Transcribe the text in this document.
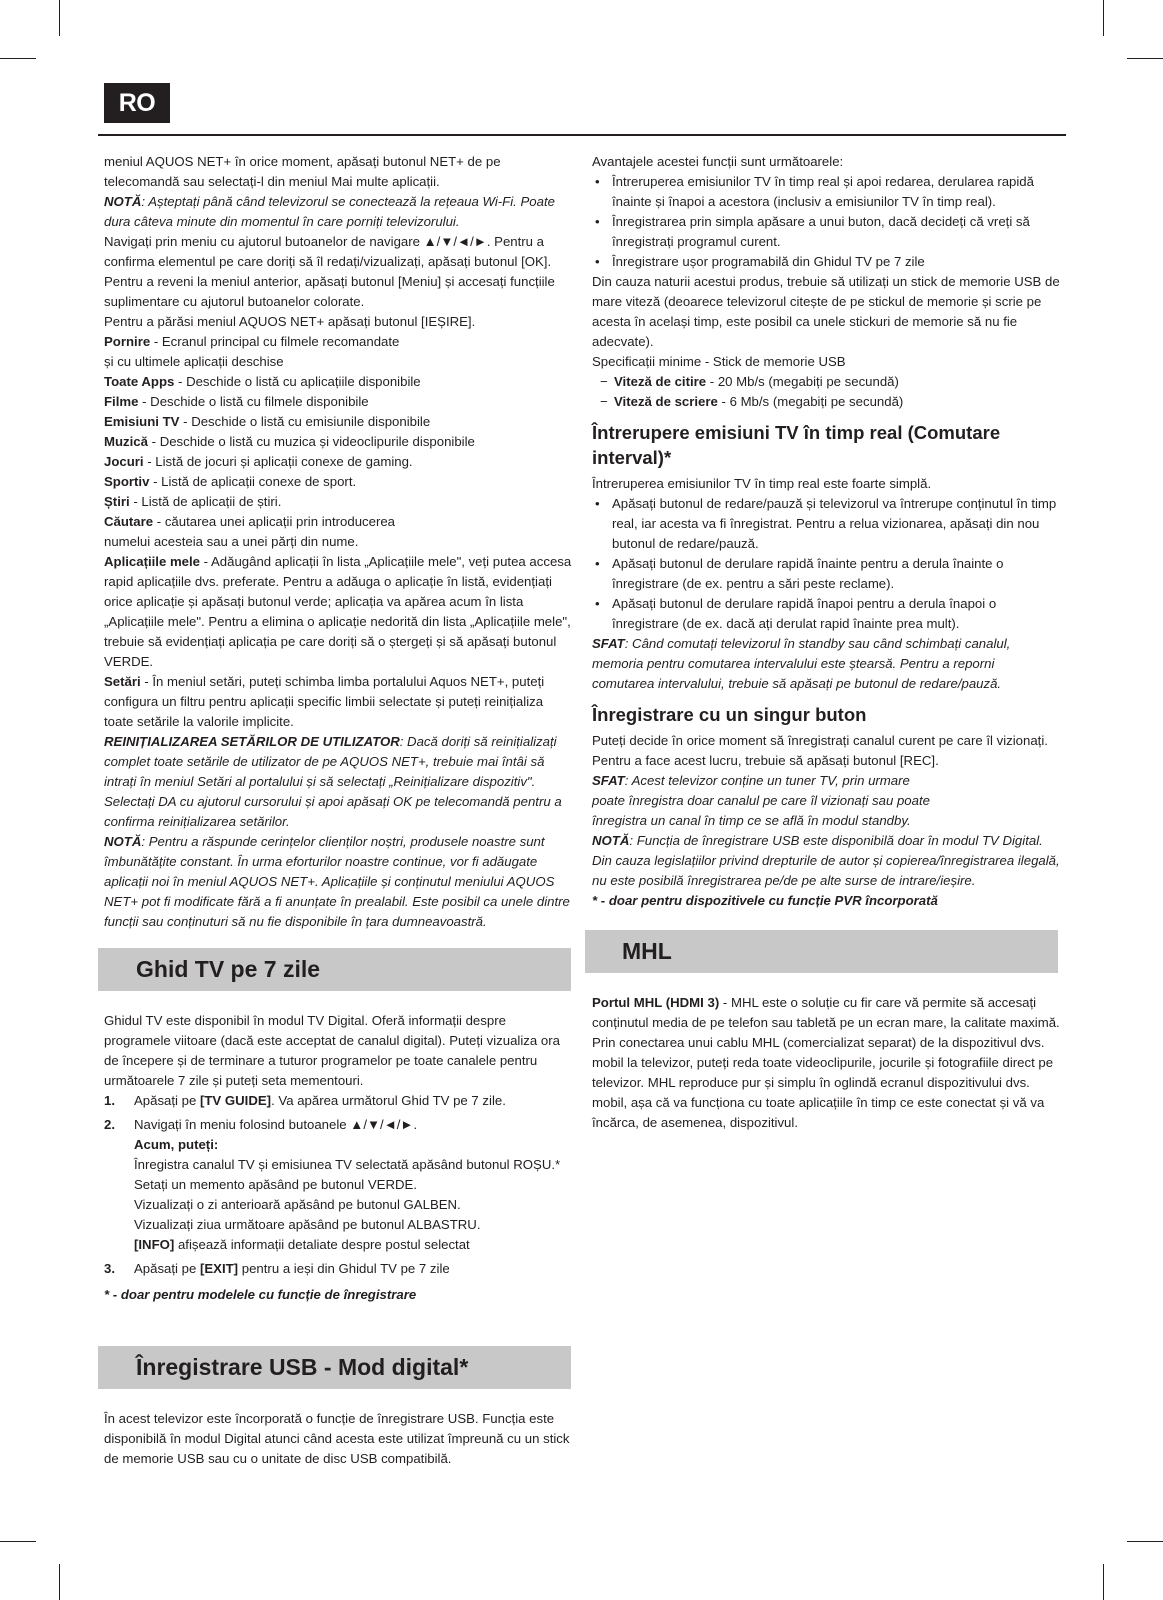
RO

meniul AQUOS NET+ în orice moment, apăsați butonul NET+ de pe telecomandă sau selectați-l din meniul Mai multe aplicații.

NOTĂ: Așteptați până când televizorul se conectează la rețeaua Wi-Fi. Poate dura câteva minute din momentul în care porniți televizorului.

Navigați prin meniu cu ajutorul butoanelor de navigare ▲/▼/◄/►. Pentru a confirma elementul pe care doriți să îl redați/vizualizați, apăsați butonul [OK]. Pentru a reveni la meniul anterior, apăsați butonul [Meniu] și accesați funcțiile suplimentare cu ajutorul butoanelor colorate.

Pentru a părăsi meniul AQUOS NET+ apăsați butonul [IEȘIRE].

Pornire - Ecranul principal cu filmele recomandate
și cu ultimele aplicații deschise

Toate Apps - Deschide o listă cu aplicațiile disponibile

Filme - Deschide o listă cu filmele disponibile

Emisiuni TV - Deschide o listă cu emisiunile disponibile

Muzică - Deschide o listă cu muzica și videoclipurile disponibile

Jocuri - Listă de jocuri și aplicații conexe de gaming.

Sportiv - Listă de aplicații conexe de sport.

Știri - Listă de aplicații de știri.

Căutare - căutarea unei aplicații prin introducerea
numelui acesteia sau a unei părți din nume.

Aplicațiile mele - Adăugând aplicații în lista „Aplicațiile mele", veți putea accesa rapid aplicațiile dvs. preferate. Pentru a adăuga o aplicație în listă, evidențiați orice aplicație și apăsați butonul verde; aplicația va apărea acum în lista „Aplicațiile mele". Pentru a elimina o aplicație nedorită din lista „Aplicațiile mele", trebuie să evidențiați aplicația pe care doriți să o ștergeți și să apăsați butonul VERDE.

Setări - În meniul setări, puteți schimba limba portalului Aquos NET+, puteți configura un filtru pentru aplicații specific limbii selectate și puteți reinițializa toate setările la valorile implicite.

REINIȚIALIZAREA SETĂRILOR DE UTILIZATOR: Dacă doriți să reinițializați complet toate setările de utilizator de pe AQUOS NET+, trebuie mai întâi să intrați în meniul Setări al portalului și să selectați „Reinițializare dispozitiv". Selectați DA cu ajutorul cursorului și apoi apăsați OK pe telecomandă pentru a confirma reinițializarea setărilor.

NOTĂ: Pentru a răspunde cerințelor clienților noștri, produsele noastre sunt îmbunătățite constant. În urma eforturilor noastre continue, vor fi adăugate aplicații noi în meniul AQUOS NET+. Aplicațiile și conținutul meniului AQUOS NET+ pot fi modificate fără a fi anunțate în prealabil. Este posibil ca unele dintre funcții sau conținuturi să nu fie disponibile în țara dumneavoastră.

Ghid TV pe 7 zile

Ghidul TV este disponibil în modul TV Digital. Oferă informații despre programele viitoare (dacă este acceptat de canalul digital). Puteți vizualiza ora de începere și de terminare a tuturor programelor pe toate canalele pentru următoarele 7 zile și puteți seta mementouri.

1. Apăsați pe [TV GUIDE]. Va apărea următorul Ghid TV pe 7 zile.
2. Navigați în meniu folosind butoanele ▲/▼/◄/►.
Acum, puteți:
Înregistra canalul TV și emisiunea TV selectată apăsând butonul ROȘU.*
Setați un memento apăsând pe butonul VERDE.
Vizualizați o zi anterioară apăsând pe butonul GALBEN.
Vizualizați ziua următoare apăsând pe butonul ALBASTRU.
[INFO] afișează informații detaliate despre postul selectat
3. Apăsați pe [EXIT] pentru a ieși din Ghidul TV pe 7 zile

* - doar pentru modelele cu funcție de înregistrare

Înregistrare USB - Mod digital*

În acest televizor este încorporată o funcție de înregistrare USB. Funcția este disponibilă în modul Digital atunci când acesta este utilizat împreună cu un stick de memorie USB sau cu o unitate de disc USB compatibilă.

Avantajele acestei funcții sunt următoarele:

• Întreruperea emisiunilor TV în timp real și apoi redarea, derularea rapidă înainte și înapoi a acestora (inclusiv a emisiunilor TV în timp real).
• Înregistrarea prin simpla apăsare a unui buton, dacă decideți că vreți să înregistrați programul curent.
• Înregistrare ușor programabilă din Ghidul TV pe 7 zile

Din cauza naturii acestui produs, trebuie să utilizați un stick de memorie USB de mare viteză (deoarece televizorul citește de pe stickul de memorie și scrie pe acesta în același timp, este posibil ca unele stickuri de memorie să nu fie adecvate).

Specificații minime - Stick de memorie USB

− Viteză de citire - 20 Mb/s (megabiți pe secundă)
− Viteză de scriere - 6 Mb/s (megabiți pe secundă)
Întrerupere emisiuni TV în timp real (Comutare interval)*

Întreruperea emisiunilor TV în timp real este foarte simplă.

• Apăsați butonul de redare/pauză și televizorul va întrerupe conținutul în timp real, iar acesta va fi înregistrat. Pentru a relua vizionarea, apăsați din nou butonul de redare/pauză.
• Apăsați butonul de derulare rapidă înainte pentru a derula înainte o înregistrare (de ex. pentru a sări peste reclame).
• Apăsați butonul de derulare rapidă înapoi pentru a derula înapoi o înregistrare (de ex. dacă ați derulat rapid înainte prea mult).

SFAT: Când comutați televizorul în standby sau când schimbați canalul, memoria pentru comutarea intervalului este ștearsă. Pentru a reporni comutarea intervalului, trebuie să apăsați pe butonul de redare/pauză.

Înregistrare cu un singur buton

Puteți decide în orice moment să înregistrați canalul curent pe care îl vizionați. Pentru a face acest lucru, trebuie să apăsați butonul [REC].

SFAT: Acest televizor conține un tuner TV, prin urmare
poate înregistra doar canalul pe care îl vizionați sau poate
înregistra un canal în timp ce se află în modul standby.

NOTĂ: Funcția de înregistrare USB este disponibilă doar în modul TV Digital. Din cauza legislațiilor privind drepturile de autor și copierea/înregistrarea ilegală, nu este posibilă înregistrarea pe/de pe alte surse de intrare/ieșire.

* - doar pentru dispozitivele cu funcție PVR încorporată

MHL

Portul MHL (HDMI 3) - MHL este o soluție cu fir care vă permite să accesați conținutul media de pe telefon sau tabletă pe un ecran mare, la calitate maximă. Prin conectarea unui cablu MHL (comercializat separat) de la dispozitivul dvs. mobil la televizor, puteți reda toate videoclipurile, jocurile și fotografiile direct pe televizor. MHL reproduce pur și simplu în oglindă ecranul dispozitivului dvs. mobil, așa că va funcționa cu toate aplicațiile în timp ce este conectat și vă va încărca, de asemenea, dispozitivul.
